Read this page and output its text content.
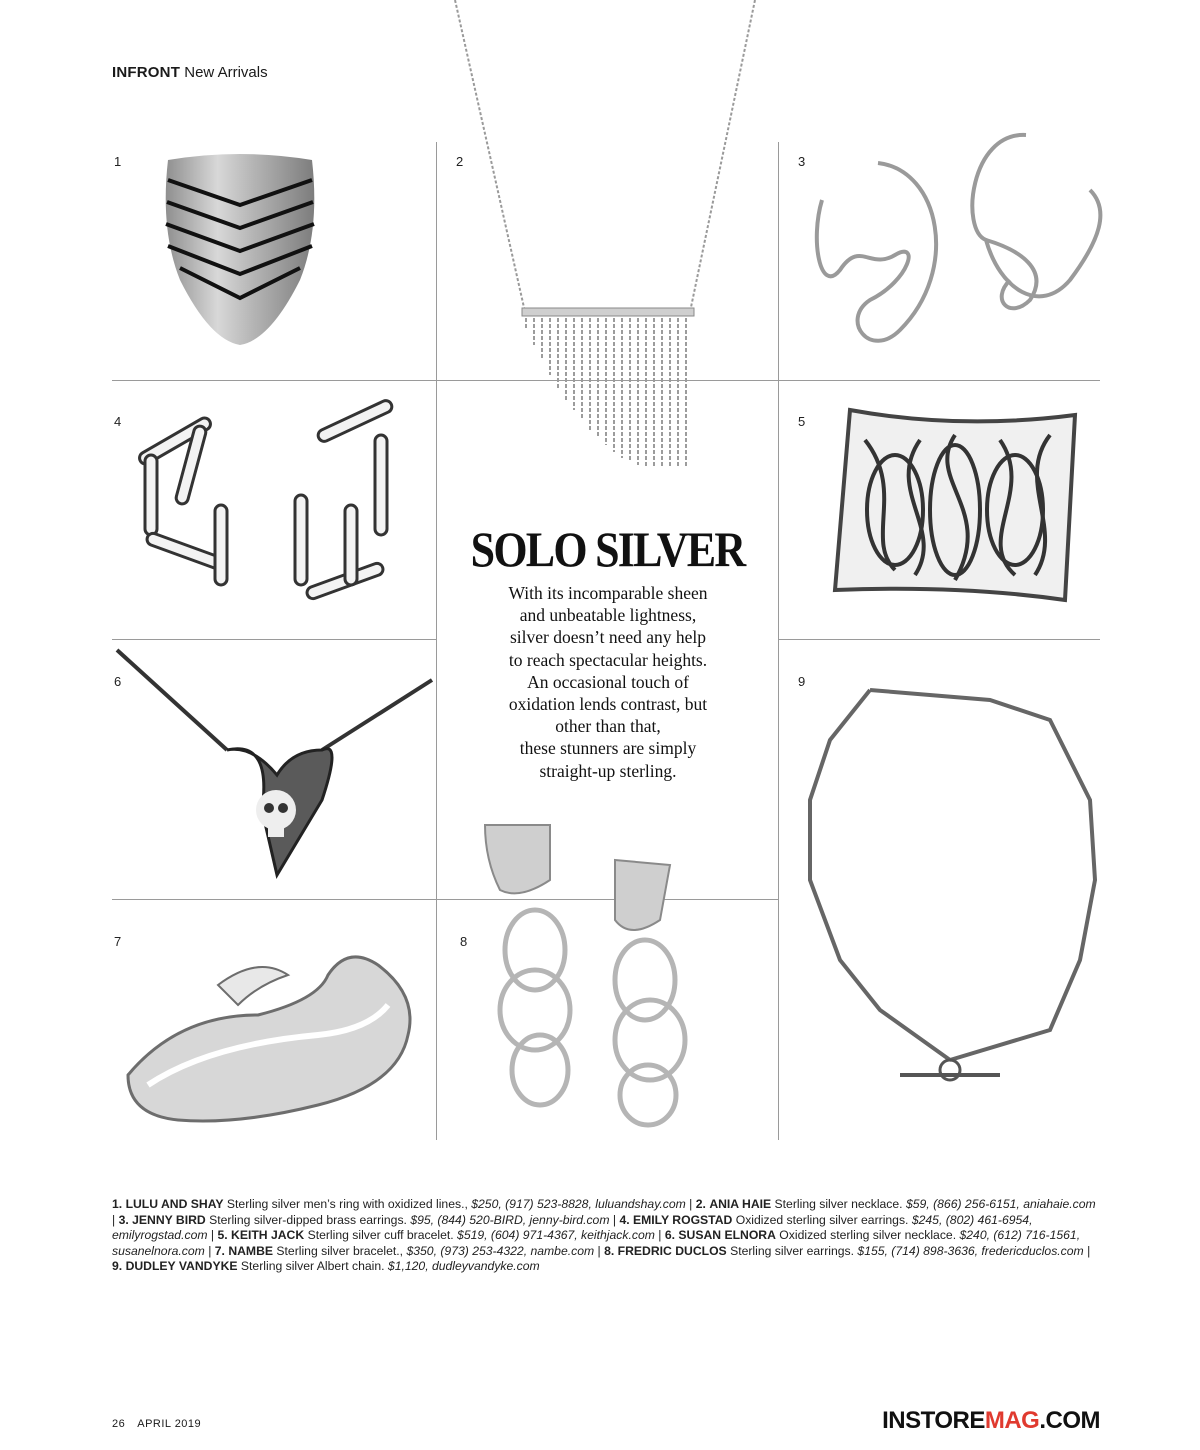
INFRONT New Arrivals
1	2	3
4	5
6	9
7	8
SOLO SILVER
With its incomparable sheen
and unbeatable lightness,
silver doesn’t need any help
to reach spectacular heights.
An occasional touch of
oxidation lends contrast, but
other than that,
these stunners are simply
straight-up sterling.
1. LULU AND SHAY Sterling silver men’s ring with oxidized lines., $250, (917) 523-8828, luluandshay.com | 2. ANIA HAIE Sterling silver necklace. $59, (866) 256-6151, aniahaie.com | 3. JENNY BIRD Sterling silver-dipped brass earrings. $95, (844) 520-BIRD, jenny-bird.com | 4. EMILY ROGSTAD Oxidized sterling silver earrings. $245, (802) 461-6954, emilyrogstad.com | 5. KEITH JACK Sterling silver cuff bracelet. $519, (604) 971-4367, keithjack.com | 6. SUSAN ELNORA Oxidized sterling silver necklace. $240, (612) 716-1561, susanelnora.com | 7. NAMBE Sterling silver bracelet., $350, (973) 253-4322, nambe.com | 8. FREDRIC DUCLOS Sterling silver earrings. $155, (714) 898-3636, fredericduclos.com | 9. DUDLEY VANDYKE Sterling silver Albert chain. $1,120, dudleyvandyke.com
26 APRIL 2019	INSTOREMAG.COM
